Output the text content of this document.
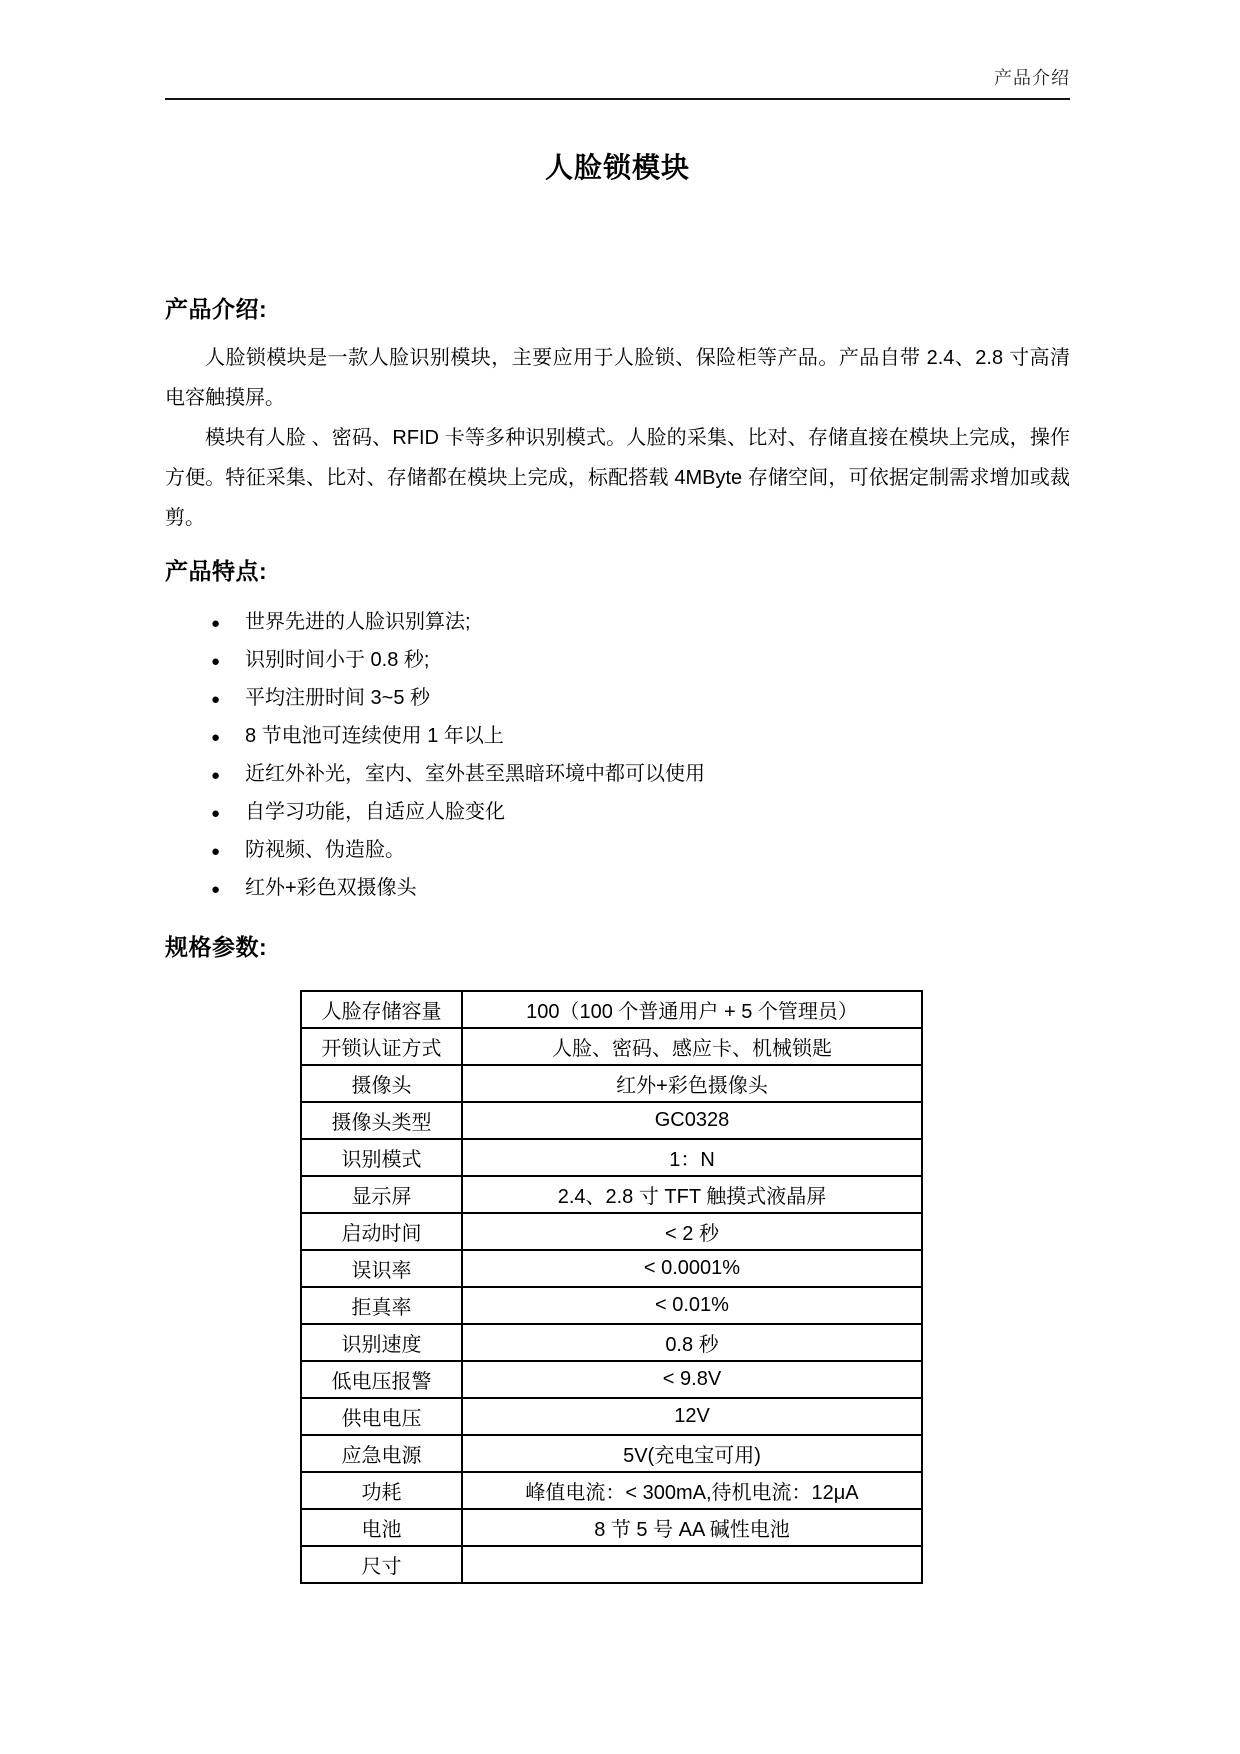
产品介绍
人脸锁模块
产品介绍:

人脸锁模块是一款人脸识别模块，主要应用于人脸锁、保险柜等产品。产品自带 2.4、2.8 寸高清电容触摸屏。

模块有人脸 、密码、RFID 卡等多种识别模式。人脸的采集、比对、存储直接在模块上完成，操作方便。特征采集、比对、存储都在模块上完成，标配搭载 4MByte 存储空间，可依据定制需求增加或裁剪。

产品特点:
●	世界先进的人脸识别算法;
●	识别时间小于 0.8 秒;
●	平均注册时间 3~5 秒
●	8 节电池可连续使用 1 年以上
●	近红外补光，室内、室外甚至黑暗环境中都可以使用
●	自学习功能，自适应人脸变化
●	防视频、伪造脸。
●	红外+彩色双摄像头
规格参数:
人脸存储容量	100（100 个普通用户 + 5 个管理员）
开锁认证方式	人脸、密码、感应卡、机械锁匙
摄像头	红外+彩色摄像头
摄像头类型	GC0328
识别模式	1：N
显示屏	2.4、2.8 寸 TFT 触摸式液晶屏
启动时间	< 2 秒
误识率	< 0.0001%
拒真率	< 0.01%
识别速度	0.8 秒
低电压报警	< 9.8V
供电电压	12V
应急电源	5V(充电宝可用)
功耗	峰值电流：< 300mA,待机电流：12μA
电池	8 节 5 号 AA 碱性电池
尺寸	
